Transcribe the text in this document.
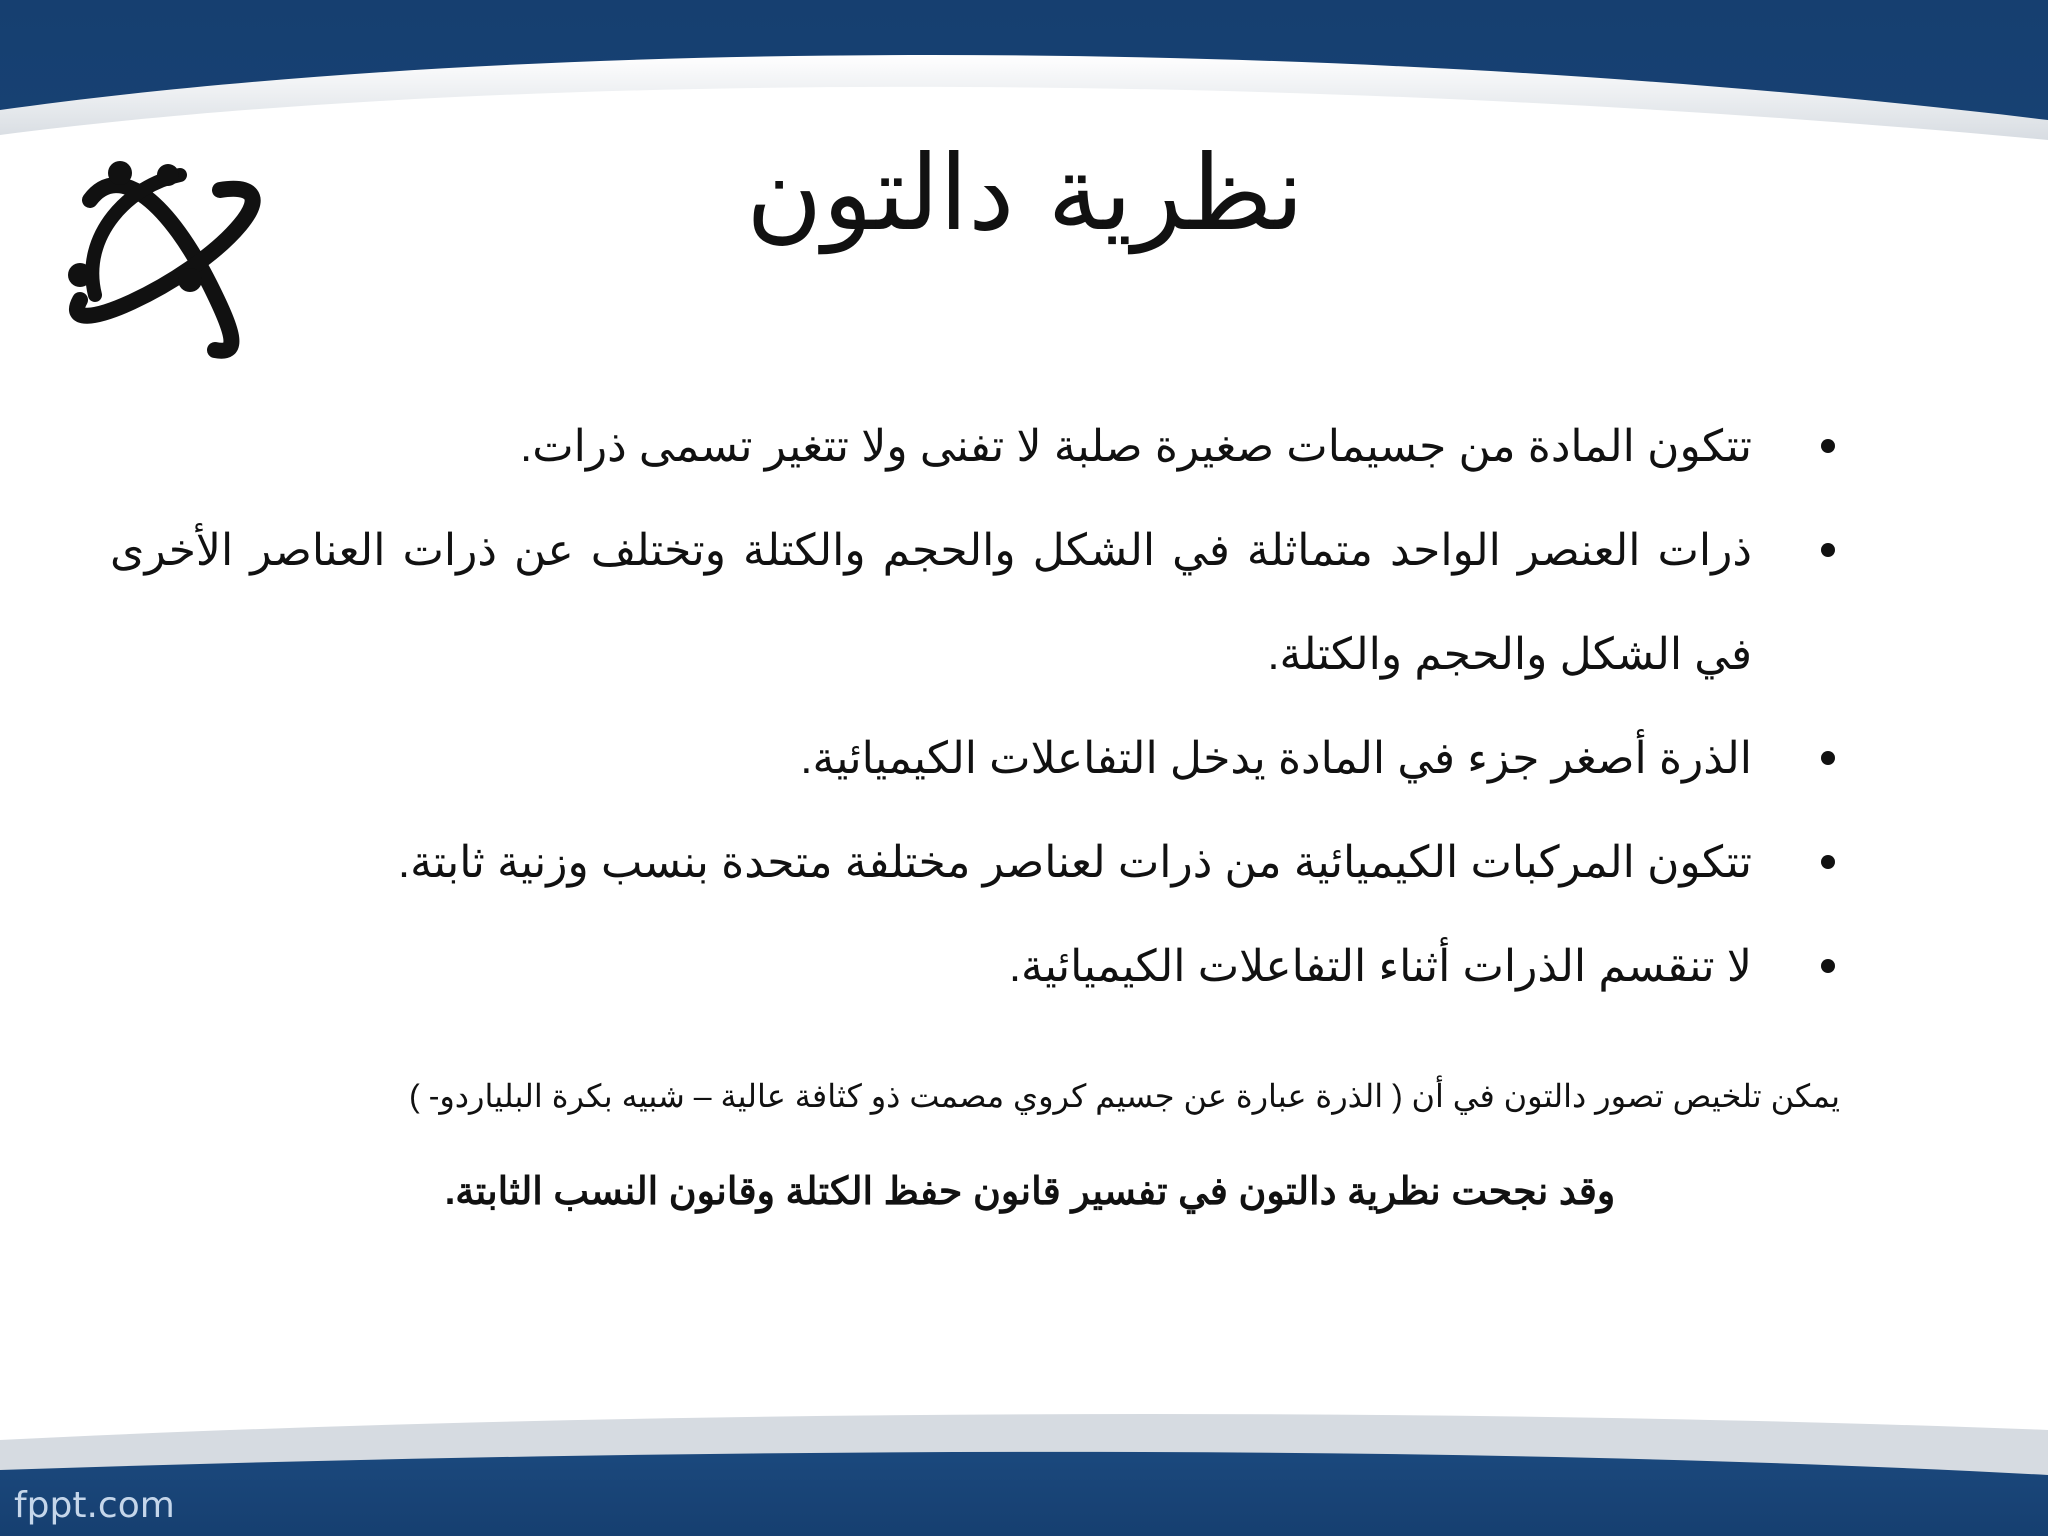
نظرية دالتون
تتكون المادة من جسيمات صغيرة صلبة لا تفنى ولا تتغير تسمى ذرات.
ذرات العنصر الواحد متماثلة في الشكل والحجم والكتلة وتختلف عن ذرات العناصر الأخرى في الشكل والحجم والكتلة.
الذرة أصغر جزء في المادة يدخل التفاعلات الكيميائية.
تتكون المركبات الكيميائية من ذرات لعناصر مختلفة متحدة بنسب وزنية ثابتة.
لا تنقسم الذرات أثناء التفاعلات الكيميائية.

يمكن تلخيص تصور دالتون في أن ( الذرة عبارة عن جسيم كروي مصمت ذو كثافة عالية – شبيه بكرة البلياردو- )

وقد نجحت نظرية دالتون في تفسير قانون حفظ الكتلة وقانون النسب الثابتة.

fppt.com
